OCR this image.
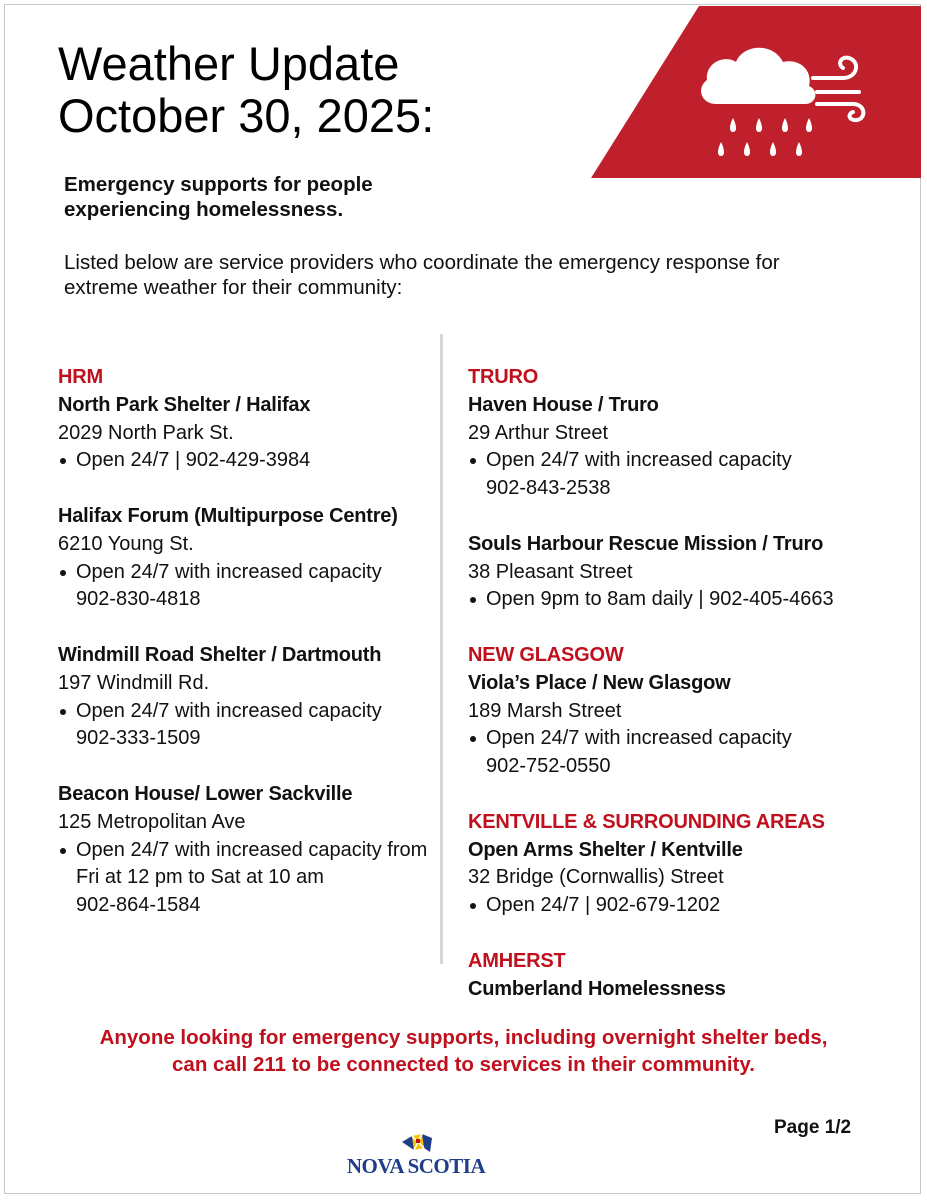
Weather Update
October 30, 2025:

Emergency supports for people
experiencing homelessness.

Listed below are service providers who coordinate the emergency response for
extreme weather for their community:

HRM
North Park Shelter / Halifax
2029 North Park St.
Open 24/7 | 902-429-3984
Halifax Forum (Multipurpose Centre)
6210 Young St.
Open 24/7 with increased capacity
902-830-4818
Windmill Road Shelter / Dartmouth
197 Windmill Rd.
Open 24/7 with increased capacity
902-333-1509
Beacon House/ Lower Sackville
125 Metropolitan Ave
Open 24/7 with increased capacity from
Fri at 12 pm to Sat at 10 am
902-864-1584
TRURO
Haven House / Truro
29 Arthur Street
Open 24/7 with increased capacity
902-843-2538
Souls Harbour Rescue Mission / Truro
38 Pleasant Street
Open 9pm to 8am daily | 902-405-4663
NEW GLASGOW
Viola’s Place / New Glasgow
189 Marsh Street
Open 24/7 with increased capacity
902-752-0550
KENTVILLE & SURROUNDING AREAS
Open Arms Shelter / Kentville
32 Bridge (Cornwallis) Street
Open 24/7 | 902-679-1202
AMHERST
Cumberland Homelessness

Anyone looking for emergency supports, including overnight shelter beds,
can call 211 to be connected to services in their community.

Page 1/2
NOVA SCOTIA
